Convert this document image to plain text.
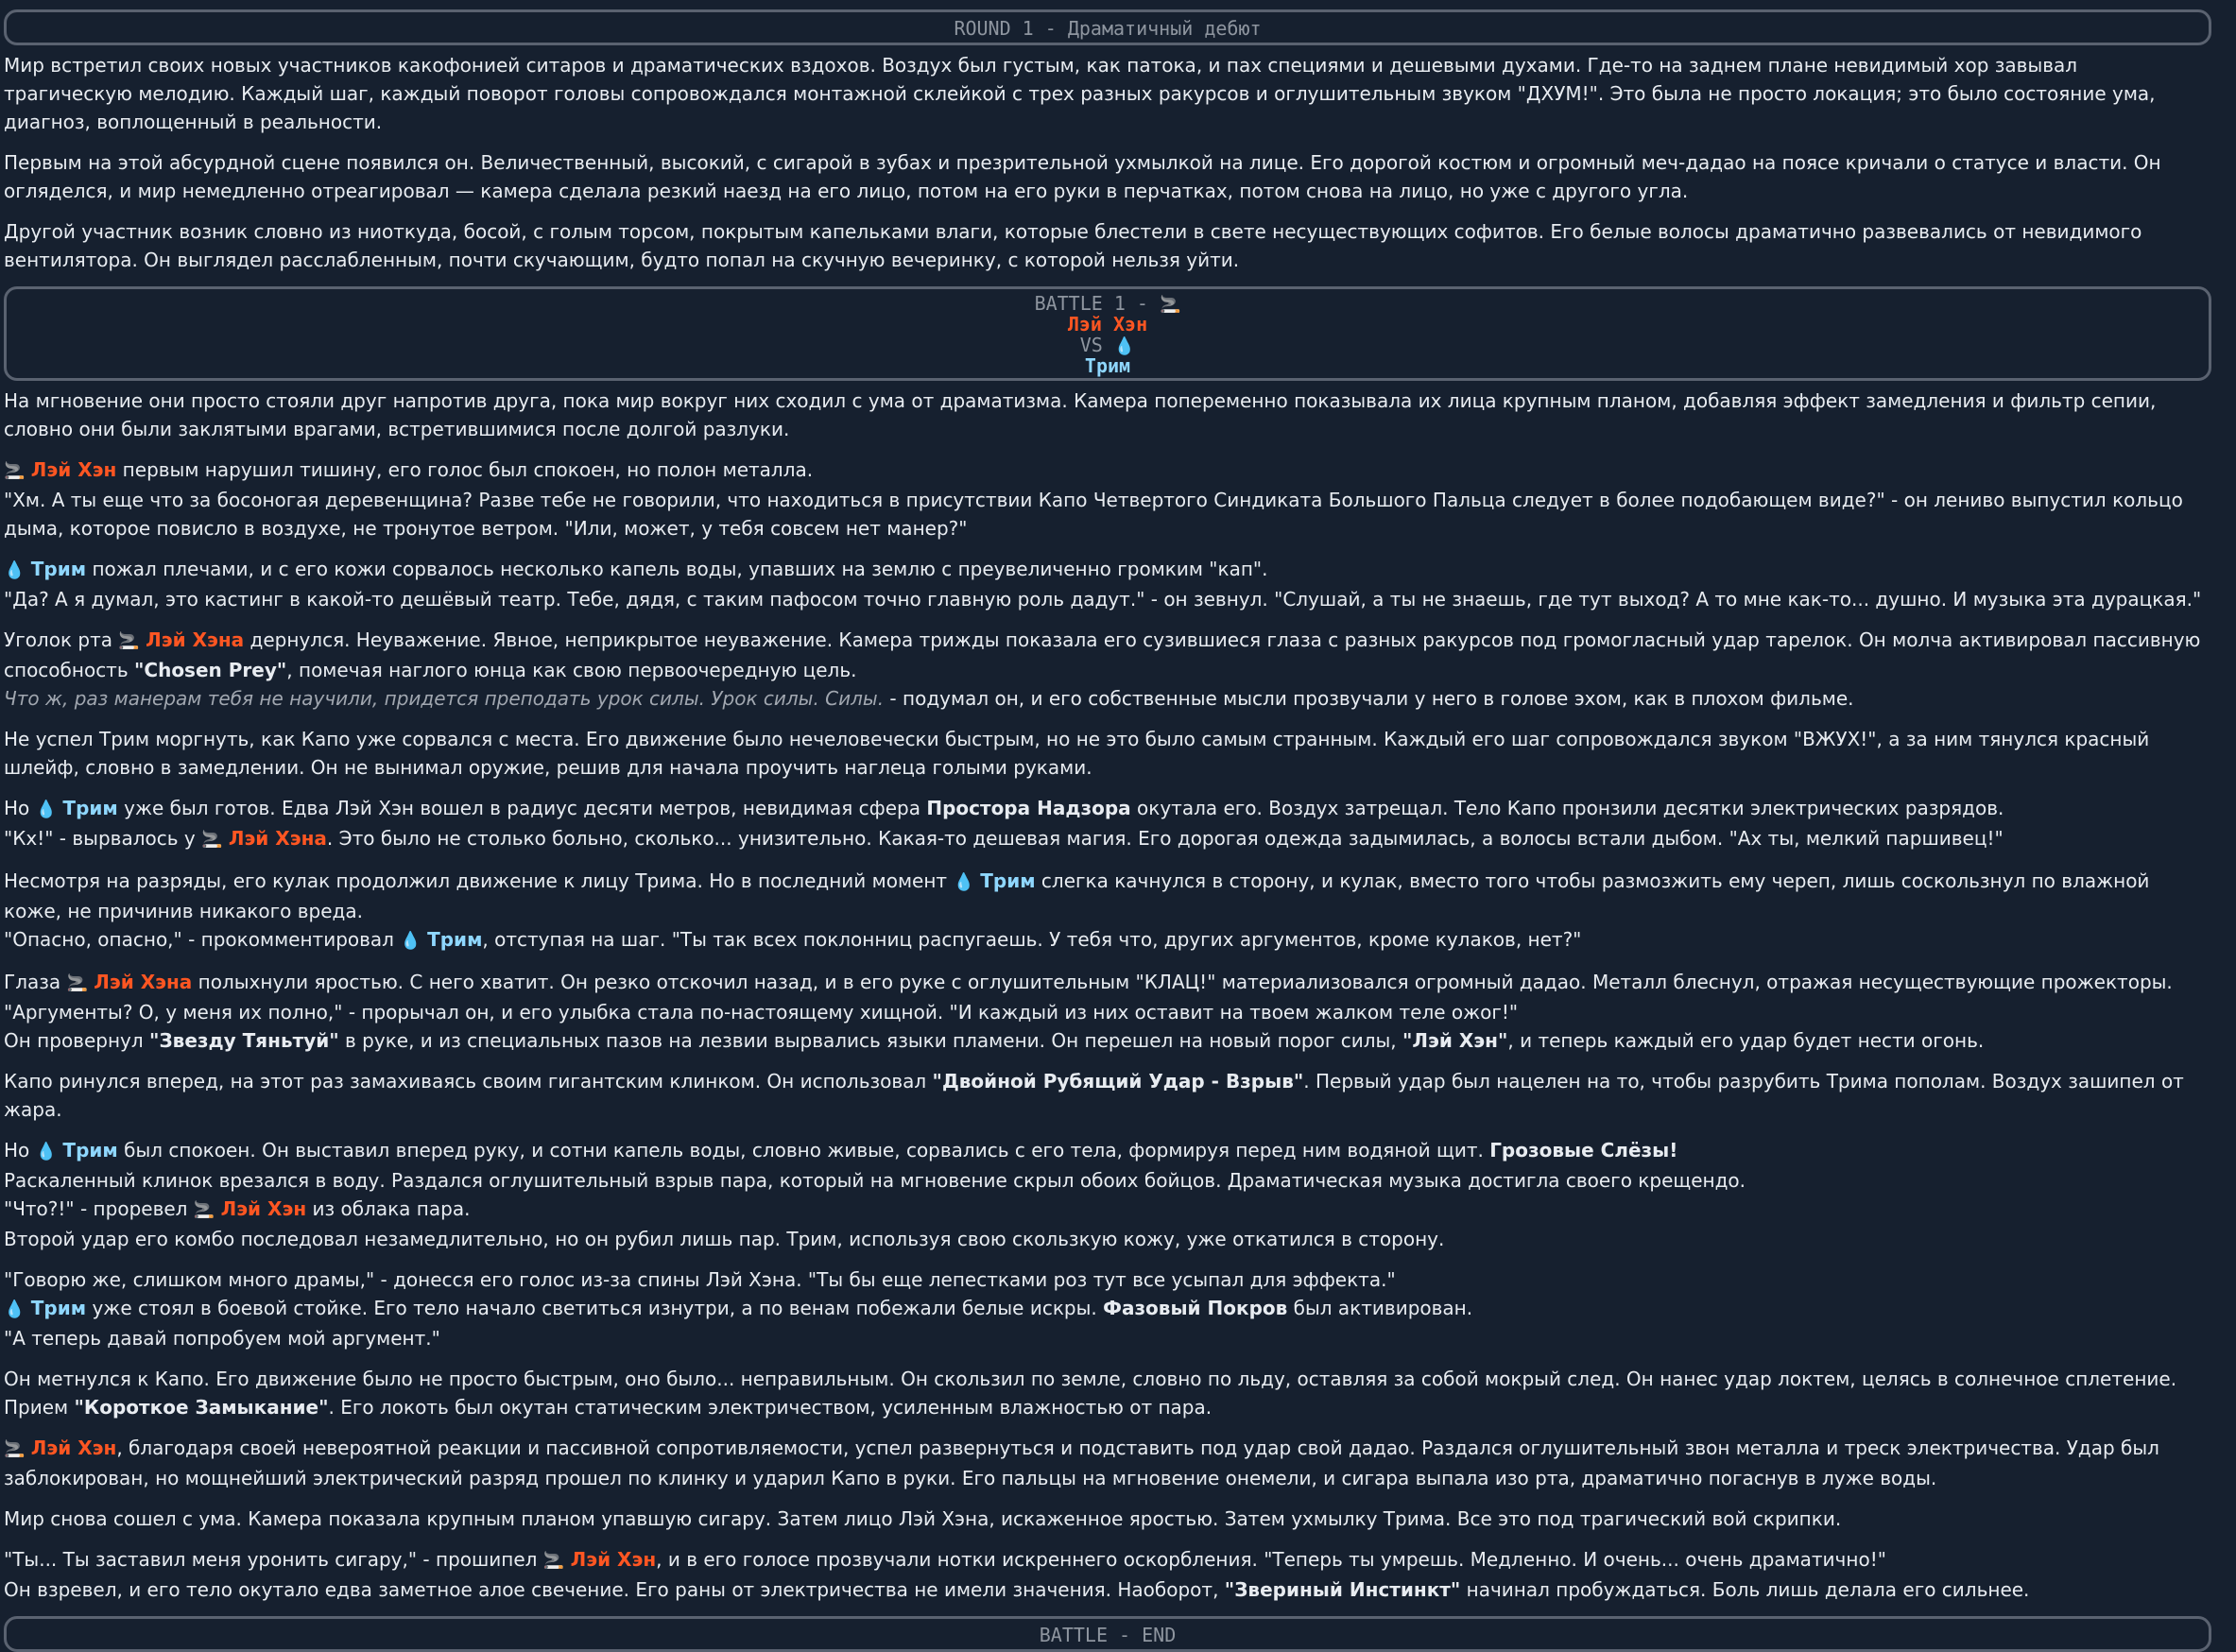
ROUND 1 - Драматичный дебют
Мир встретил своих новых участников какофонией ситаров и драматических вздохов. Воздух был густым, как патока, и пах специями и дешевыми духами. Где-то на заднем плане невидимый хор завывал трагическую мелодию. Каждый шаг, каждый поворот головы сопровождался монтажной склейкой с трех разных ракурсов и оглушительным звуком "ДХУМ!". Это была не просто локация; это было состояние ума, диагноз, воплощенный в реальности.
Первым на этой абсурдной сцене появился он. Величественный, высокий, с сигарой в зубах и презрительной ухмылкой на лице. Его дорогой костюм и огромный меч-дадао на поясе кричали о статусе и власти. Он огляделся, и мир немедленно отреагировал — камера сделала резкий наезд на его лицо, потом на его руки в перчатках, потом снова на лицо, но уже с другого угла.
Другой участник возник словно из ниоткуда, босой, с голым торсом, покрытым капельками влаги, которые блестели в свете несуществующих софитов. Его белые волосы драматично развевались от невидимого вентилятора. Он выглядел расслабленным, почти скучающим, будто попал на скучную вечеринку, с которой нельзя уйти.
BATTLE 1 - 🚬
Лэй Хэн
VS 💧
Трим
На мгновение они просто стояли друг напротив друга, пока мир вокруг них сходил с ума от драматизма. Камера попеременно показывала их лица крупным планом, добавляя эффект замедления и фильтр сепии, словно они были заклятыми врагами, встретившимися после долгой разлуки.
🚬 Лэй Хэн первым нарушил тишину, его голос был спокоен, но полон металла.
"Хм. А ты еще что за босоногая деревенщина? Разве тебе не говорили, что находиться в присутствии Капо Четвертого Синдиката Большого Пальца следует в более подобающем виде?" - он лениво выпустил кольцо дыма, которое повисло в воздухе, не тронутое ветром. "Или, может, у тебя совсем нет манер?"
💧 Трим пожал плечами, и с его кожи сорвалось несколько капель воды, упавших на землю с преувеличенно громким "кап".
"Да? А я думал, это кастинг в какой-то дешёвый театр. Тебе, дядя, с таким пафосом точно главную роль дадут." - он зевнул. "Слушай, а ты не знаешь, где тут выход? А то мне как-то... душно. И музыка эта дурацкая."
Уголок рта 🚬 Лэй Хэна дернулся. Неуважение. Явное, неприкрытое неуважение. Камера трижды показала его сузившиеся глаза с разных ракурсов под громогласный удар тарелок. Он молча активировал пассивную способность "Chosen Prey", помечая наглого юнца как свою первоочередную цель.
Что ж, раз манерам тебя не научили, придется преподать урок силы. Урок силы. Силы. - подумал он, и его собственные мысли прозвучали у него в голове эхом, как в плохом фильме.
Не успел Трим моргнуть, как Капо уже сорвался с места. Его движение было нечеловечески быстрым, но не это было самым странным. Каждый его шаг сопровождался звуком "ВЖУХ!", а за ним тянулся красный шлейф, словно в замедлении. Он не вынимал оружие, решив для начала проучить наглеца голыми руками.
Но 💧 Трим уже был готов. Едва Лэй Хэн вошел в радиус десяти метров, невидимая сфера Простора Надзора окутала его. Воздух затрещал. Тело Капо пронзили десятки электрических разрядов.
"Кх!" - вырвалось у 🚬 Лэй Хэна. Это было не столько больно, сколько... унизительно. Какая-то дешевая магия. Его дорогая одежда задымилась, а волосы встали дыбом. "Ах ты, мелкий паршивец!"
Несмотря на разряды, его кулак продолжил движение к лицу Трима. Но в последний момент 💧 Трим слегка качнулся в сторону, и кулак, вместо того чтобы размозжить ему череп, лишь соскользнул по влажной коже, не причинив никакого вреда.
"Опасно, опасно," - прокомментировал 💧 Трим, отступая на шаг. "Ты так всех поклонниц распугаешь. У тебя что, других аргументов, кроме кулаков, нет?"
Глаза 🚬 Лэй Хэна полыхнули яростью. С него хватит. Он резко отскочил назад, и в его руке с оглушительным "КЛАЦ!" материализовался огромный дадао. Металл блеснул, отражая несуществующие прожекторы.
"Аргументы? О, у меня их полно," - прорычал он, и его улыбка стала по-настоящему хищной. "И каждый из них оставит на твоем жалком теле ожог!"
Он провернул "Звезду Тяньтуй" в руке, и из специальных пазов на лезвии вырвались языки пламени. Он перешел на новый порог силы, "Лэй Хэн", и теперь каждый его удар будет нести огонь.
Капо ринулся вперед, на этот раз замахиваясь своим гигантским клинком. Он использовал "Двойной Рубящий Удар - Взрыв". Первый удар был нацелен на то, чтобы разрубить Трима пополам. Воздух зашипел от жара.
Но 💧 Трим был спокоен. Он выставил вперед руку, и сотни капель воды, словно живые, сорвались с его тела, формируя перед ним водяной щит. Грозовые Слёзы!
Раскаленный клинок врезался в воду. Раздался оглушительный взрыв пара, который на мгновение скрыл обоих бойцов. Драматическая музыка достигла своего крещендо.
"Что?!" - проревел 🚬 Лэй Хэн из облака пара.
Второй удар его комбо последовал незамедлительно, но он рубил лишь пар. Трим, используя свою скользкую кожу, уже откатился в сторону.
"Говорю же, слишком много драмы," - донесся его голос из-за спины Лэй Хэна. "Ты бы еще лепестками роз тут все усыпал для эффекта."
💧 Трим уже стоял в боевой стойке. Его тело начало светиться изнутри, а по венам побежали белые искры. Фазовый Покров был активирован.
"А теперь давай попробуем мой аргумент."
Он метнулся к Капо. Его движение было не просто быстрым, оно было... неправильным. Он скользил по земле, словно по льду, оставляя за собой мокрый след. Он нанес удар локтем, целясь в солнечное сплетение. Прием "Короткое Замыкание". Его локоть был окутан статическим электричеством, усиленным влажностью от пара.
🚬 Лэй Хэн, благодаря своей невероятной реакции и пассивной сопротивляемости, успел развернуться и подставить под удар свой дадао. Раздался оглушительный звон металла и треск электричества. Удар был заблокирован, но мощнейший электрический разряд прошел по клинку и ударил Капо в руки. Его пальцы на мгновение онемели, и сигара выпала изо рта, драматично погаснув в луже воды.
Мир снова сошел с ума. Камера показала крупным планом упавшую сигару. Затем лицо Лэй Хэна, искаженное яростью. Затем ухмылку Трима. Все это под трагический вой скрипки.
"Ты... Ты заставил меня уронить сигару," - прошипел 🚬 Лэй Хэн, и в его голосе прозвучали нотки искреннего оскорбления. "Теперь ты умрешь. Медленно. И очень... очень драматично!"
Он взревел, и его тело окутало едва заметное алое свечение. Его раны от электричества не имели значения. Наоборот, "Звериный Инстинкт" начинал пробуждаться. Боль лишь делала его сильнее.
BATTLE - END
